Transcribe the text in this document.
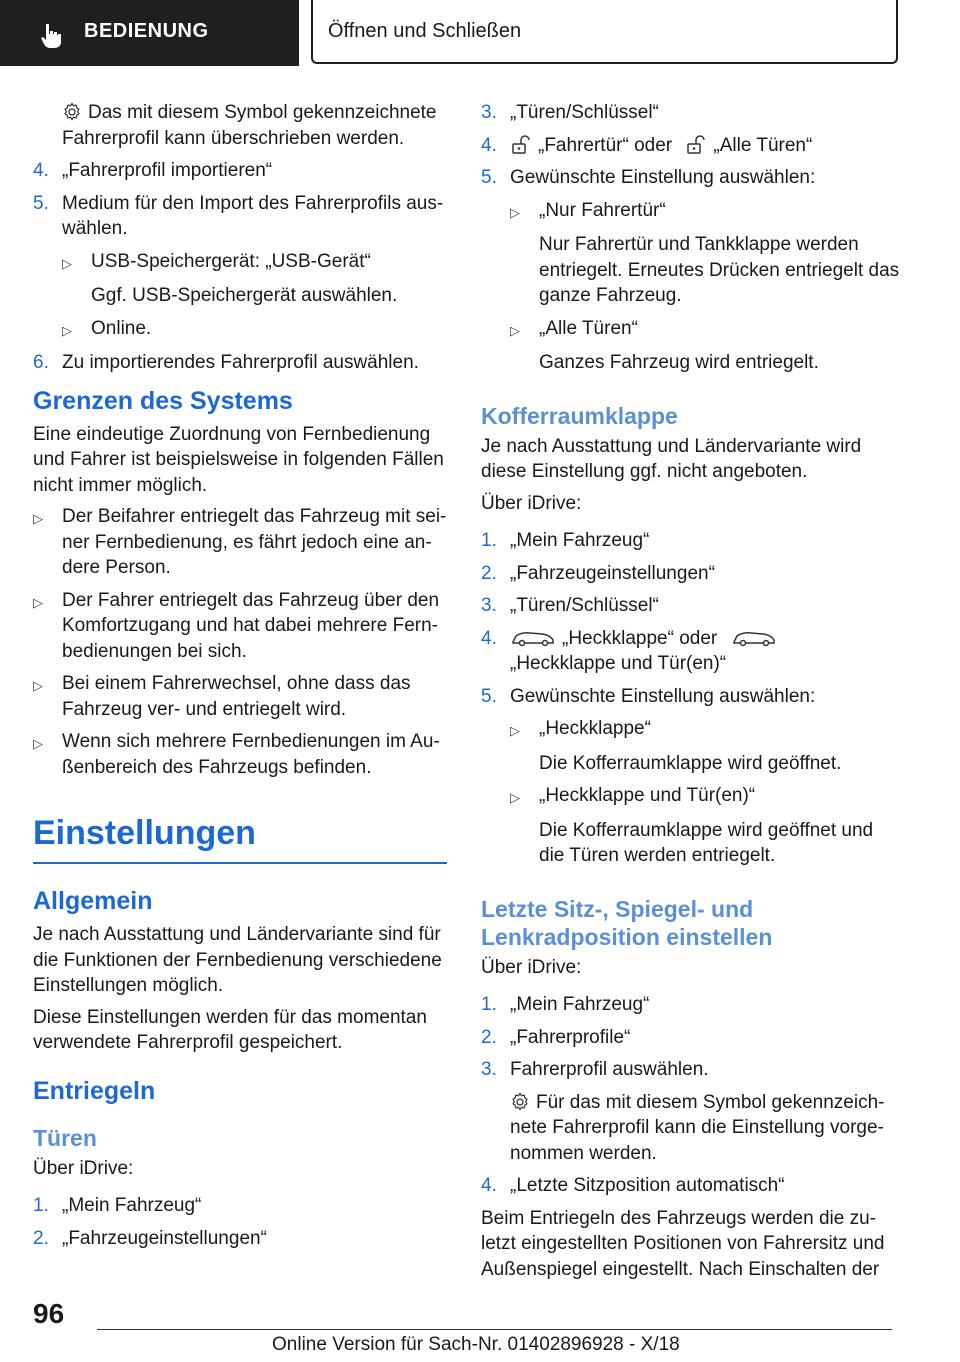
BEDIENUNG	Öffnen und Schließen

Das mit diesem Symbol gekennzeichnete Fahrerprofil kann überschrieben werden.

4. „Fahrerprofil importieren“
5. Medium für den Import des Fahrerprofils aus-wählen.
▷	USB-Speichergerät: „USB-Gerät“

Ggf. USB-Speichergerät auswählen.

▷	Online.
6. Zu importierendes Fahrerprofil auswählen.
Grenzen des Systems

Eine eindeutige Zuordnung von Fernbedienung und Fahrer ist beispielsweise in folgenden Fällen nicht immer möglich.

▷	Der Beifahrer entriegelt das Fahrzeug mit sei-ner Fernbedienung, es fährt jedoch eine an-dere Person.
▷	Der Fahrer entriegelt das Fahrzeug über den Komfortzugang und hat dabei mehrere Fern-bedienungen bei sich.
▷	Bei einem Fahrerwechsel, ohne dass das Fahrzeug ver- und entriegelt wird.
▷	Wenn sich mehrere Fernbedienungen im Au-ßenbereich des Fahrzeugs befinden.
Einstellungen
Allgemein

Je nach Ausstattung und Ländervariante sind für die Funktionen der Fernbedienung verschiedene Einstellungen möglich.

Diese Einstellungen werden für das momentan verwendete Fahrerprofil gespeichert.

Entriegeln
Türen

Über iDrive:

1. „Mein Fahrzeug“
2. „Fahrzeugeinstellungen“
3. „Türen/Schlüssel“
4.	„Fahrertür“ oder „Alle Türen“
5. Gewünschte Einstellung auswählen:
▷	„Nur Fahrertür“

Nur Fahrertür und Tankklappe werden entriegelt. Erneutes Drücken entriegelt das ganze Fahrzeug.

▷	„Alle Türen“

Ganzes Fahrzeug wird entriegelt.

Kofferraumklappe

Je nach Ausstattung und Ländervariante wird diese Einstellung ggf. nicht angeboten.

Über iDrive:

1. „Mein Fahrzeug“
2. „Fahrzeugeinstellungen“
3. „Türen/Schlüssel“
4.	„Heckklappe“ oder
„Heckklappe und Tür(en)“
5. Gewünschte Einstellung auswählen:
▷	„Heckklappe“

Die Kofferraumklappe wird geöffnet.

▷	„Heckklappe und Tür(en)“

Die Kofferraumklappe wird geöffnet und die Türen werden entriegelt.

Letzte Sitz-, Spiegel- und Lenkradposition einstellen

Über iDrive:

1. „Mein Fahrzeug“
2. „Fahrerprofile“
3. Fahrerprofil auswählen.

Für das mit diesem Symbol gekennzeich-nete Fahrerprofil kann die Einstellung vorge-nommen werden.

4. „Letzte Sitzposition automatisch“

Beim Entriegeln des Fahrzeugs werden die zu-letzt eingestellten Positionen von Fahrersitz und Außenspiegel eingestellt. Nach Einschalten der

96
Online Version für Sach-Nr. 01402896928 - X/18
